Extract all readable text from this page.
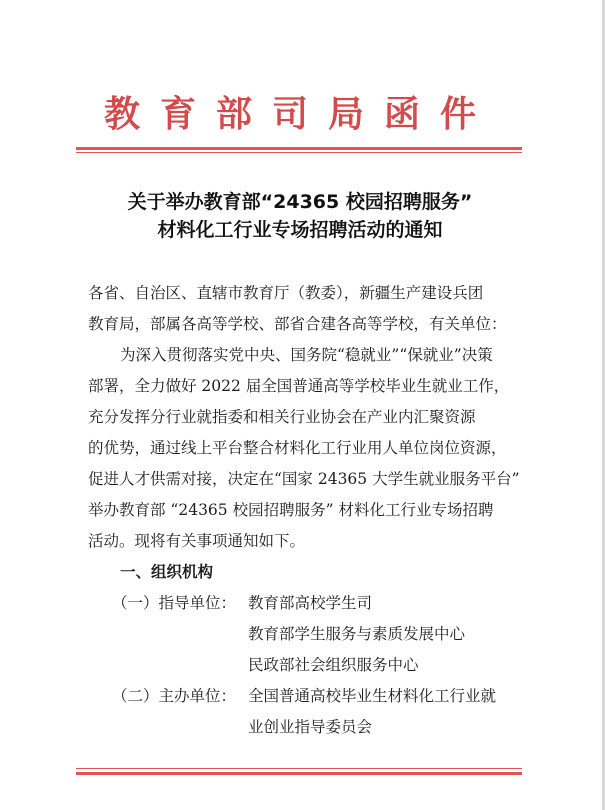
教育部司局函件
关于举办教育部“24365 校园招聘服务”
材料化工行业专场招聘活动的通知
各省、自治区、直辖市教育厅（教委），新疆生产建设兵团
教育局，部属各高等学校、部省合建各高等学校，有关单位：
为深入贯彻落实党中央、国务院“稳就业”“保就业”决策
部署，全力做好 2022 届全国普通高等学校毕业生就业工作，
充分发挥分行业就指委和相关行业协会在产业内汇聚资源
的优势，通过线上平台整合材料化工行业用人单位岗位资源，
促进人才供需对接，决定在“国家 24365 大学生就业服务平台”
举办教育部 “24365 校园招聘服务” 材料化工行业专场招聘
活动。现将有关事项通知如下。
一、组织机构
（一）指导单位： 教育部高校学生司
教育部学生服务与素质发展中心
民政部社会组织服务中心
（二）主办单位： 全国普通高校毕业生材料化工行业就
业创业指导委员会
